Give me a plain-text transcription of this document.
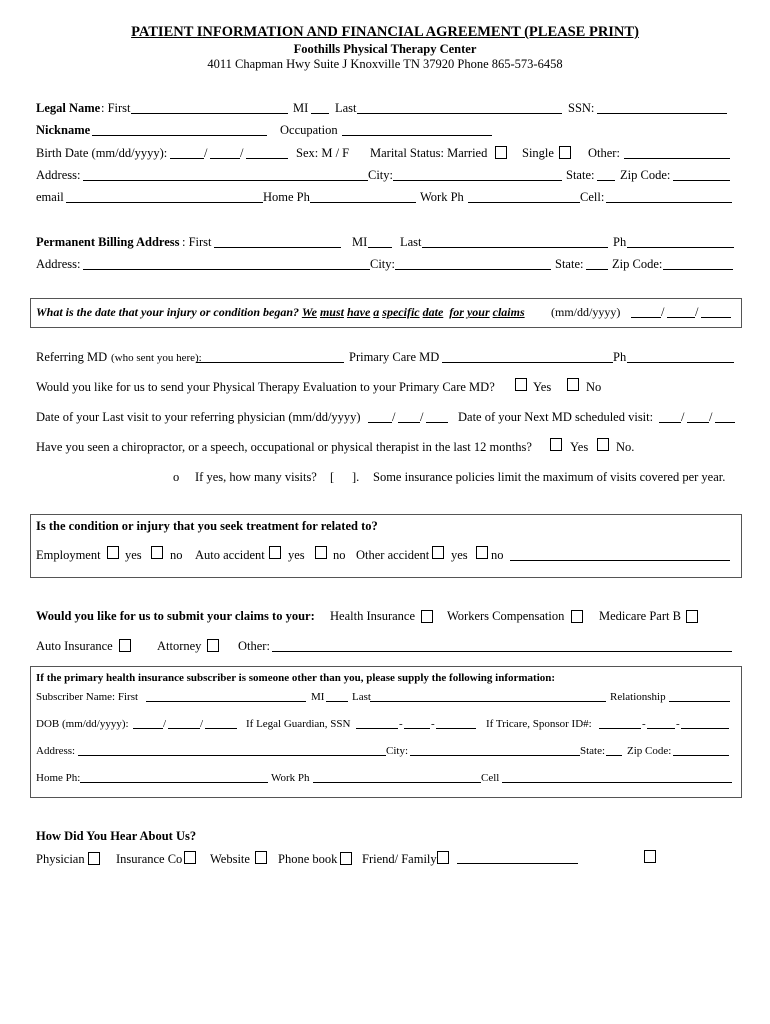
PATIENT INFORMATION AND FINANCIAL AGREEMENT (PLEASE PRINT)
Foothills Physical Therapy Center
4011 Chapman Hwy Suite J Knoxville TN 37920 Phone 865-573-6458
Legal Name : First	MI Last	SSN:
Nickname	Occupation
Birth Date (mm/dd/yyyy):	/	/	Sex: M / F Marital Status: Married	Single	Other:
Address:	City:	State: Zip Code:
email	Home Ph	Work Ph	Cell:
Permanent Billing Address : First	MI	Last	Ph
Address:	City:	State: Zip Code:
What is the date that your injury or condition began? We must have a specific date for your claims (mm/dd/yyyy)	/ /
Referring MD (who sent you here):	Primary Care MD	Ph
Would you like for us to send your Physical Therapy Evaluation to your Primary Care MD?	Yes	No
Date of your Last visit to your referring physician (mm/dd/yyyy)	/ /	Date of your Next MD scheduled visit: / /
Have you seen a chiropractor, or a speech, occupational or physical therapist in the last 12 months?	Yes No.
o If yes, how many visits? [ ]. Some insurance policies limit the maximum of visits covered per year.
Is the condition or injury that you seek treatment for related to?
Employment yes no Auto accident yes no Other accident yes no
Would you like for us to submit your claims to your: Health Insurance	Workers Compensation	Medicare Part B
Auto Insurance	Attorney	Other:
If the primary health insurance subscriber is someone other than you, please supply the following information:
Subscriber Name: First	MI	Last	Relationship
DOB (mm/dd/yyyy):	/	/	If Legal Guardian, SSN	-	-	If Tricare, Sponsor ID#:	-	-
Address:	City:	State: Zip Code:
Home Ph:	Work Ph	Cell
How Did You Hear About Us?
Physician	Insurance Co Website Phone book Friend/ Family
